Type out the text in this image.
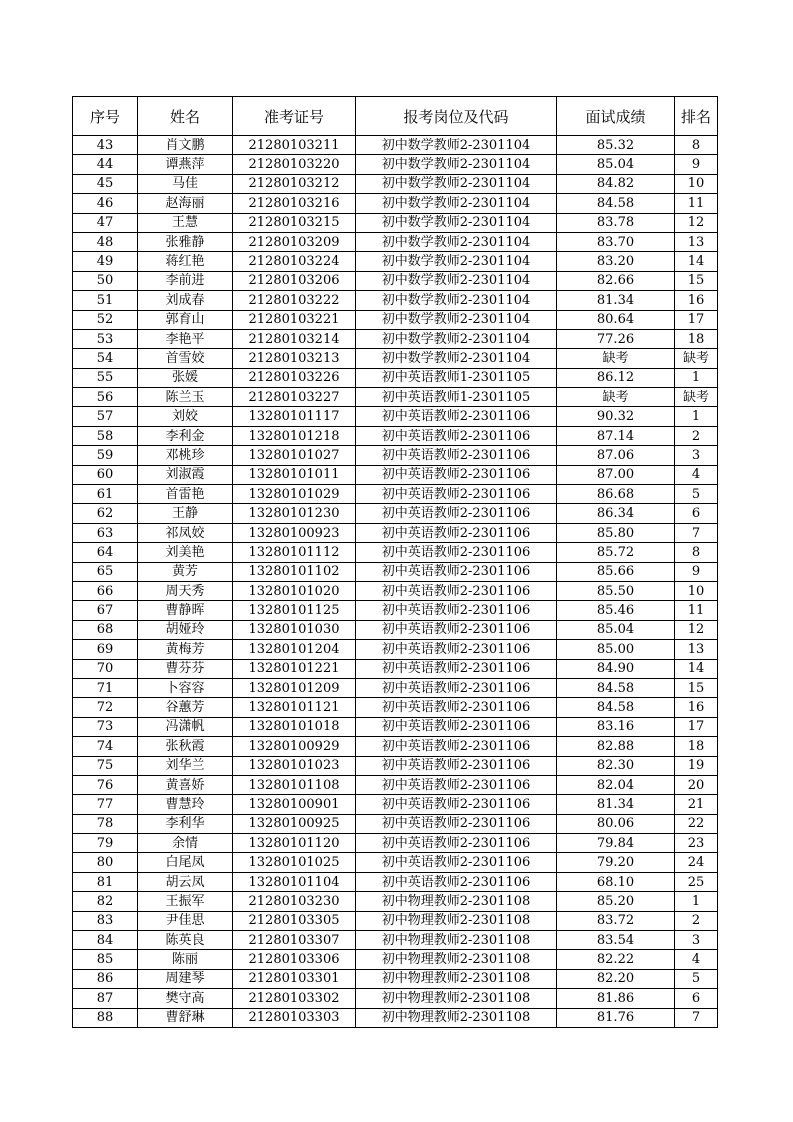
序号	姓名	准考证号	报考岗位及代码	面试成绩	排名
43	肖文鹏	21280103211	初中数学教师2-2301104	85.32	8
44	谭燕萍	21280103220	初中数学教师2-2301104	85.04	9
45	马佳	21280103212	初中数学教师2-2301104	84.82	10
46	赵海丽	21280103216	初中数学教师2-2301104	84.58	11
47	王慧	21280103215	初中数学教师2-2301104	83.78	12
48	张雅静	21280103209	初中数学教师2-2301104	83.70	13
49	蒋红艳	21280103224	初中数学教师2-2301104	83.20	14
50	李前进	21280103206	初中数学教师2-2301104	82.66	15
51	刘成春	21280103222	初中数学教师2-2301104	81.34	16
52	郭育山	21280103221	初中数学教师2-2301104	80.64	17
53	李艳平	21280103214	初中数学教师2-2301104	77.26	18
54	首雪姣	21280103213	初中数学教师2-2301104	缺考	缺考
55	张媛	21280103226	初中英语教师1-2301105	86.12	1
56	陈兰玉	21280103227	初中英语教师1-2301105	缺考	缺考
57	刘姣	13280101117	初中英语教师2-2301106	90.32	1
58	李利金	13280101218	初中英语教师2-2301106	87.14	2
59	邓桃珍	13280101027	初中英语教师2-2301106	87.06	3
60	刘淑霞	13280101011	初中英语教师2-2301106	87.00	4
61	首雷艳	13280101029	初中英语教师2-2301106	86.68	5
62	王静	13280101230	初中英语教师2-2301106	86.34	6
63	祁凤姣	13280100923	初中英语教师2-2301106	85.80	7
64	刘美艳	13280101112	初中英语教师2-2301106	85.72	8
65	黄芳	13280101102	初中英语教师2-2301106	85.66	9
66	周天秀	13280101020	初中英语教师2-2301106	85.50	10
67	曹静晖	13280101125	初中英语教师2-2301106	85.46	11
68	胡娅玲	13280101030	初中英语教师2-2301106	85.04	12
69	黄梅芳	13280101204	初中英语教师2-2301106	85.00	13
70	曹芬芬	13280101221	初中英语教师2-2301106	84.90	14
71	卜容容	13280101209	初中英语教师2-2301106	84.58	15
72	谷蕙芳	13280101121	初中英语教师2-2301106	84.58	16
73	冯潇帆	13280101018	初中英语教师2-2301106	83.16	17
74	张秋霞	13280100929	初中英语教师2-2301106	82.88	18
75	刘华兰	13280101023	初中英语教师2-2301106	82.30	19
76	黄喜娇	13280101108	初中英语教师2-2301106	82.04	20
77	曹慧玲	13280100901	初中英语教师2-2301106	81.34	21
78	李利华	13280100925	初中英语教师2-2301106	80.06	22
79	余情	13280101120	初中英语教师2-2301106	79.84	23
80	白尾凤	13280101025	初中英语教师2-2301106	79.20	24
81	胡云凤	13280101104	初中英语教师2-2301106	68.10	25
82	王振军	21280103230	初中物理教师2-2301108	85.20	1
83	尹佳思	21280103305	初中物理教师2-2301108	83.72	2
84	陈英良	21280103307	初中物理教师2-2301108	83.54	3
85	陈丽	21280103306	初中物理教师2-2301108	82.22	4
86	周建琴	21280103301	初中物理教师2-2301108	82.20	5
87	樊守高	21280103302	初中物理教师2-2301108	81.86	6
88	曹舒琳	21280103303	初中物理教师2-2301108	81.76	7
